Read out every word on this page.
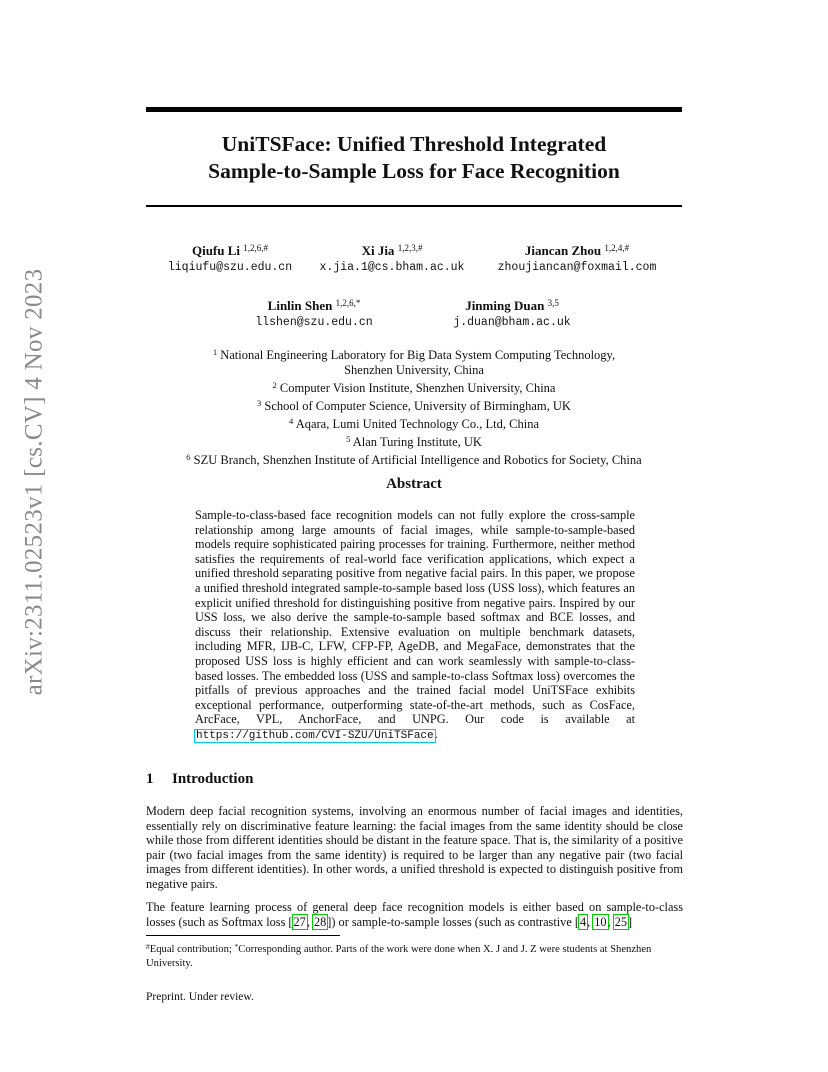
arXiv:2311.02523v1 [cs.CV] 4 Nov 2023
UniTSFace: Unified Threshold Integrated
Sample-to-Sample Loss for Face Recognition
Qiufu Li $^{1,2,6,\#}$
liqiufu@szu.edu.cn
Xi Jia $^{1,2,3,\#}$
x.jia.1@cs.bham.ac.uk
Jiancan Zhou $^{1,2,4,\#}$
zhoujiancan@foxmail.com
Linlin Shen $^{1,2,6,*}$
llshen@szu.edu.cn
Jinming Duan $^{3,5}$
j.duan@bham.ac.uk
$^1$ National Engineering Laboratory for Big Data System Computing Technology,
Shenzhen University, China
$^2$ Computer Vision Institute, Shenzhen University, China
$^3$ School of Computer Science, University of Birmingham, UK
$^4$ Aqara, Lumi United Technology Co., Ltd, China
$^5$ Alan Turing Institute, UK
$^6$ SZU Branch, Shenzhen Institute of Artificial Intelligence and Robotics for Society, China
Abstract
Sample-to-class-based face recognition models can not fully explore the cross-sample relationship among large amounts of facial images, while sample-to-sample-based models require sophisticated pairing processes for training. Furthermore, neither method satisfies the requirements of real-world face verification applications, which expect a unified threshold separating positive from negative facial pairs. In this paper, we propose a unified threshold integrated sample-to-sample based loss (USS loss), which features an explicit unified threshold for distinguishing positive from negative pairs. Inspired by our USS loss, we also derive the sample-to-sample based softmax and BCE losses, and discuss their relationship. Extensive evaluation on multiple benchmark datasets, including MFR, IJB-C, LFW, CFP-FP, AgeDB, and MegaFace, demonstrates that the proposed USS loss is highly efficient and can work seamlessly with sample-to-class-based losses. The embedded loss (USS and sample-to-class Softmax loss) overcomes the pitfalls of previous approaches and the trained facial model UniTSFace exhibits exceptional performance, outperforming state-of-the-art methods, such as CosFace, ArcFace, VPL, AnchorFace, and UNPG. Our code is available at https://github.com/CVI-SZU/UniTSFace.
1 Introduction
Modern deep facial recognition systems, involving an enormous number of facial images and identities, essentially rely on discriminative feature learning: the facial images from the same identity should be close while those from different identities should be distant in the feature space. That is, the similarity of a positive pair (two facial images from the same identity) is required to be larger than any negative pair (two facial images from different identities). In other words, a unified threshold is expected to distinguish positive from negative pairs.
The feature learning process of general deep face recognition models is either based on sample-to-class losses (such as Softmax loss [27, 28]) or sample-to-sample losses (such as contrastive [4, 10, 25]
#Equal contribution; *Corresponding author. Parts of the work were done when X. J and J. Z were students at Shenzhen University.
Preprint. Under review.
